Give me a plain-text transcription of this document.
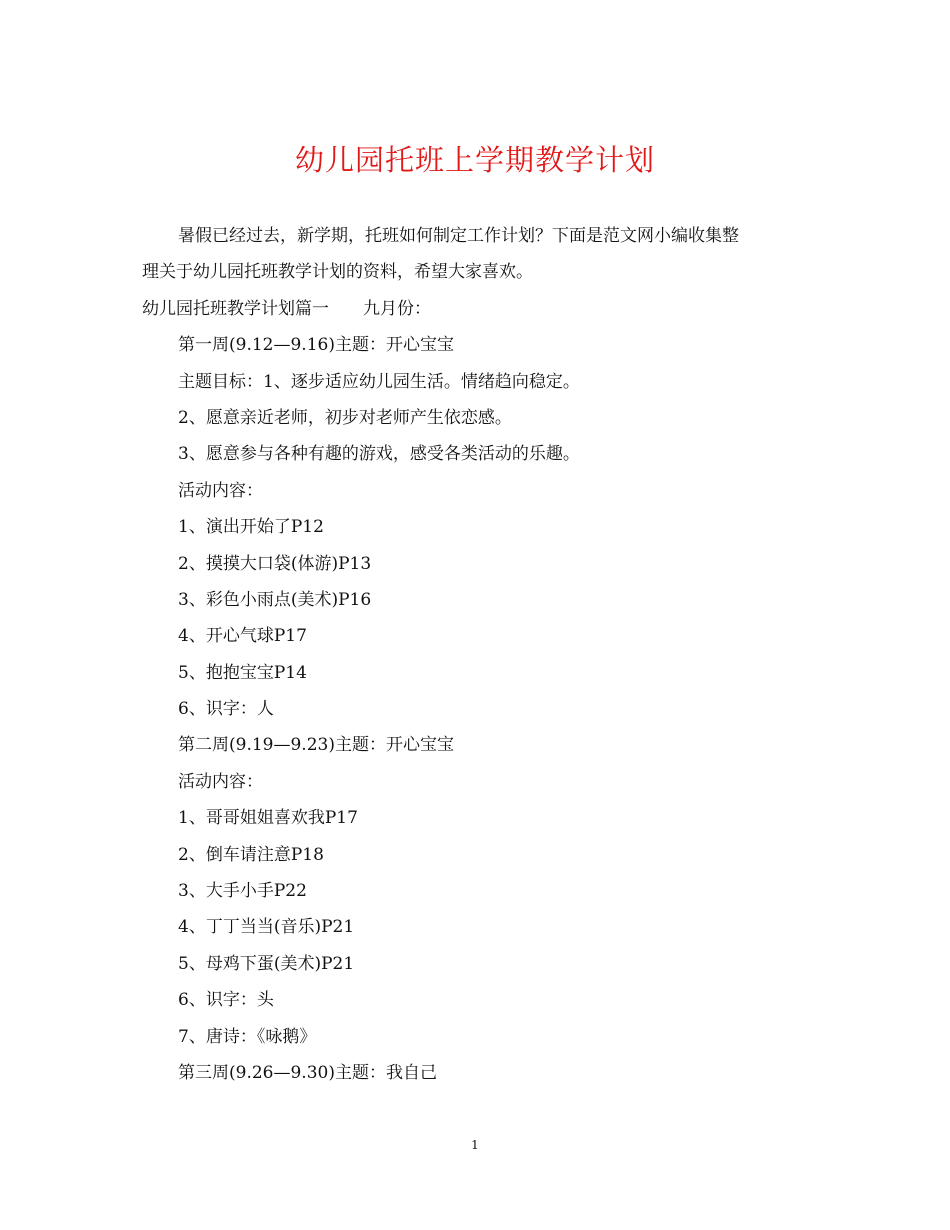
幼儿园托班上学期教学计划
暑假已经过去，新学期，托班如何制定工作计划？下面是范文网小编收集整
理关于幼儿园托班教学计划的资料，希望大家喜欢。
幼儿园托班教学计划篇一 九月份：
第一周(9.12—9.16)主题：开心宝宝
主题目标：1、逐步适应幼儿园生活。情绪趋向稳定。
2、愿意亲近老师，初步对老师产生依恋感。
3、愿意参与各种有趣的游戏，感受各类活动的乐趣。
活动内容：
1、演出开始了P12
2、摸摸大口袋(体游)P13
3、彩色小雨点(美术)P16
4、开心气球P17
5、抱抱宝宝P14
6、识字：人
第二周(9.19—9.23)主题：开心宝宝
活动内容：
1、哥哥姐姐喜欢我P17
2、倒车请注意P18
3、大手小手P22
4、丁丁当当(音乐)P21
5、母鸡下蛋(美术)P21
6、识字：头
7、唐诗：《咏鹅》
第三周(9.26—9.30)主题：我自己
1
